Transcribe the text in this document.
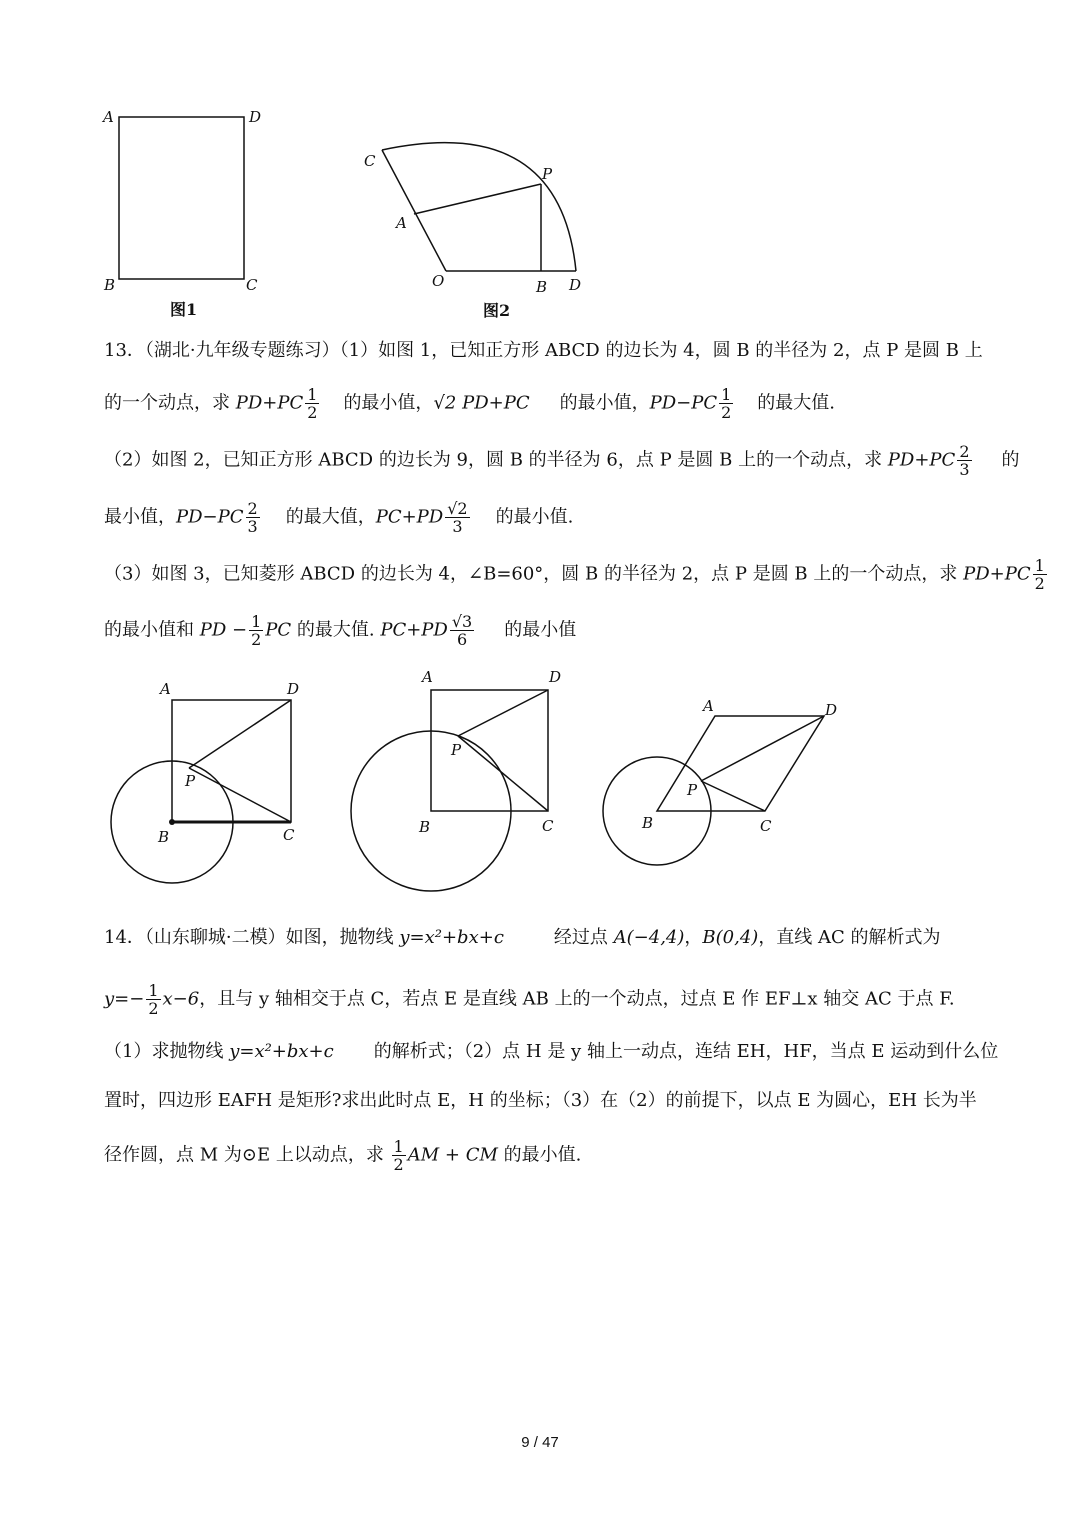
A	D
B	C
图1
C
P
A
O	B D
图2
13．（湖北·九年级专题练习）（1）如图 1，已知正方形 ABCD 的边长为 4，圆 B 的半径为 2，点 P 是圆 B 上
的一个动点，求 $PD+PC \frac{1}{2}$ 的最小值，√2 PD+PC 的最小值，$PD-PC \frac{1}{2}$ 的最大值.
（2）如图 2，已知正方形 ABCD 的边长为 9，圆 B 的半径为 6，点 P 是圆 B 上的一个动点，求 $PD+PC \frac{2}{3}$ 的
最小值，$PD-PC \frac{2}{3}$ 的最大值，$PC+PD \frac{√2}{3}$ 的最小值.
（3）如图 3，已知菱形 ABCD 的边长为 4，∠B=60°，圆 B 的半径为 2，点 P 是圆 B 上的一个动点，求 $PD+PC \frac{1}{2}$
的最小值和 PD − $\frac{1}{2}$ PC 的最大值. $PC+PD \frac{√3}{6}$ 的最小值
A	D
P
B	C
A	D
P
B	C
A	D
P
B	C
14．（山东聊城·二模）如图，抛物线 y=x²+bx+c	经过点 A(−4,4)，B(0,4)，直线 AC 的解析式为
$y=- \frac{1}{2} x-6$，且与 y 轴相交于点 C，若点 E 是直线 AB 上的一个动点，过点 E 作 EF⊥x 轴交 AC 于点 F.
（1）求抛物线 y=x²+bx+c 的解析式；（2）点 H 是 y 轴上一动点，连结 EH，HF，当点 E 运动到什么位
置时，四边形 EAFH 是矩形?求出此时点 E，H 的坐标；（3）在（2）的前提下，以点 E 为圆心，EH 长为半
径作圆，点 M 为⊙E 上以动点，求 $\frac{1}{2}$ AM + CM 的最小值.
9 / 47
